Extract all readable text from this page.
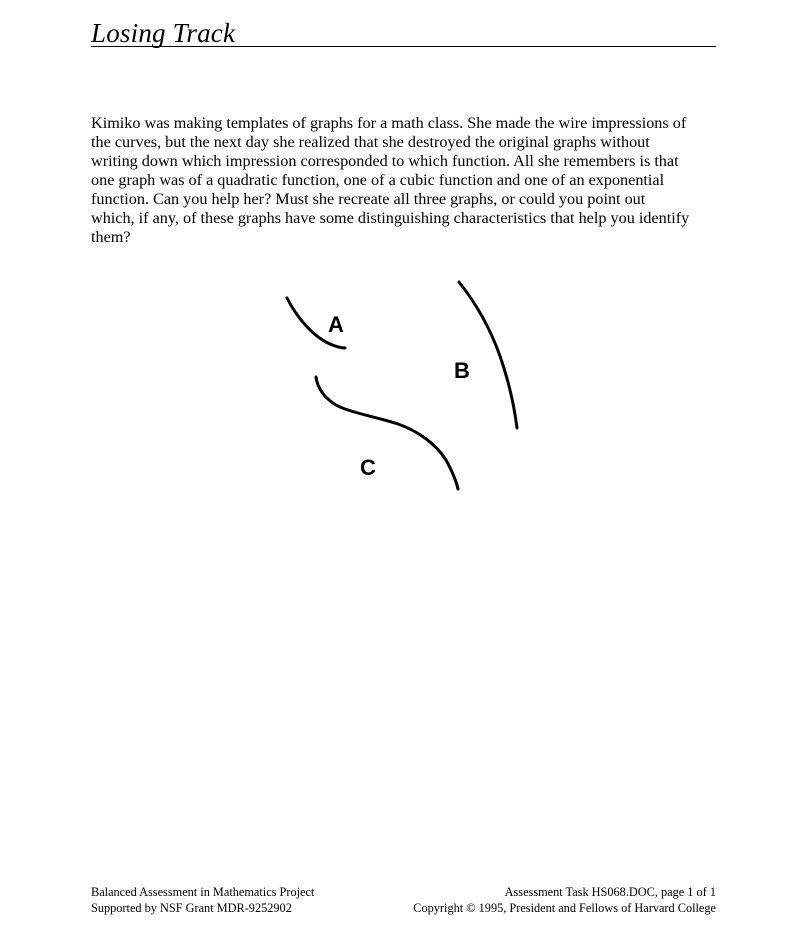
Losing Track
Kimiko was making templates of graphs for a math class. She made the wire impressions of
the curves, but the next day she realized that she destroyed the original graphs without
writing down which impression corresponded to which function. All she remembers is that
one graph was of a quadratic function, one of a cubic function and one of an exponential
function. Can you help her? Must she recreate all three graphs, or could you point out
which, if any, of these graphs have some distinguishing characteristics that help you identify
them?
A
B
C
Balanced Assessment in Mathematics Project
Supported by NSF Grant MDR-9252902
Assessment Task HS068.DOC, page 1 of 1
Copyright © 1995, President and Fellows of Harvard College
